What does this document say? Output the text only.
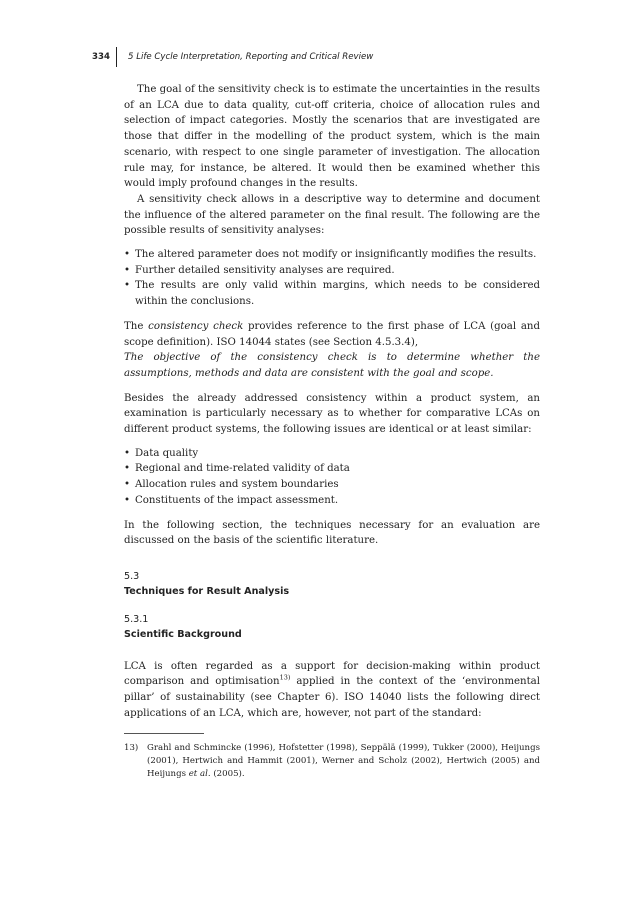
334 5 Life Cycle Interpretation, Reporting and Critical Review

The goal of the sensitivity check is to estimate the uncertainties in the results of an LCA due to data quality, cut-off criteria, choice of allocation rules and selection of impact categories. Mostly the scenarios that are investigated are those that differ in the modelling of the product system, which is the main scenario, with respect to one single parameter of investigation. The allocation rule may, for instance, be altered. It would then be examined whether this would imply profound changes in the results.

A sensitivity check allows in a descriptive way to determine and document the influence of the altered parameter on the final result. The following are the possible results of sensitivity analyses:

• The altered parameter does not modify or insignificantly modifies the results.
• Further detailed sensitivity analyses are required.
• The results are only valid within margins, which needs to be considered within the conclusions.

The consistency check provides reference to the first phase of LCA (goal and scope definition). ISO 14044 states (see Section 4.5.3.4),

The objective of the consistency check is to determine whether the assumptions, methods and data are consistent with the goal and scope.

Besides the already addressed consistency within a product system, an examination is particularly necessary as to whether for comparative LCAs on different product systems, the following issues are identical or at least similar:

• Data quality
• Regional and time-related validity of data
• Allocation rules and system boundaries
• Constituents of the impact assessment.

In the following section, the techniques necessary for an evaluation are discussed on the basis of the scientific literature.

5.3
Techniques for Result Analysis
5.3.1
Scientific Background

LCA is often regarded as a support for decision-making within product comparison and optimisation$^{13)}$ applied in the context of the ‘environmental pillar’ of sustainability (see Chapter 6). ISO 14040 lists the following direct applications of an LCA, which are, however, not part of the standard:

13) Grahl and Schmincke (1996), Hofstetter (1998), Seppälä (1999), Tukker (2000), Heijungs (2001), Hertwich and Hammit (2001), Werner and Scholz (2002), Hertwich (2005) and Heijungs et al. (2005).
